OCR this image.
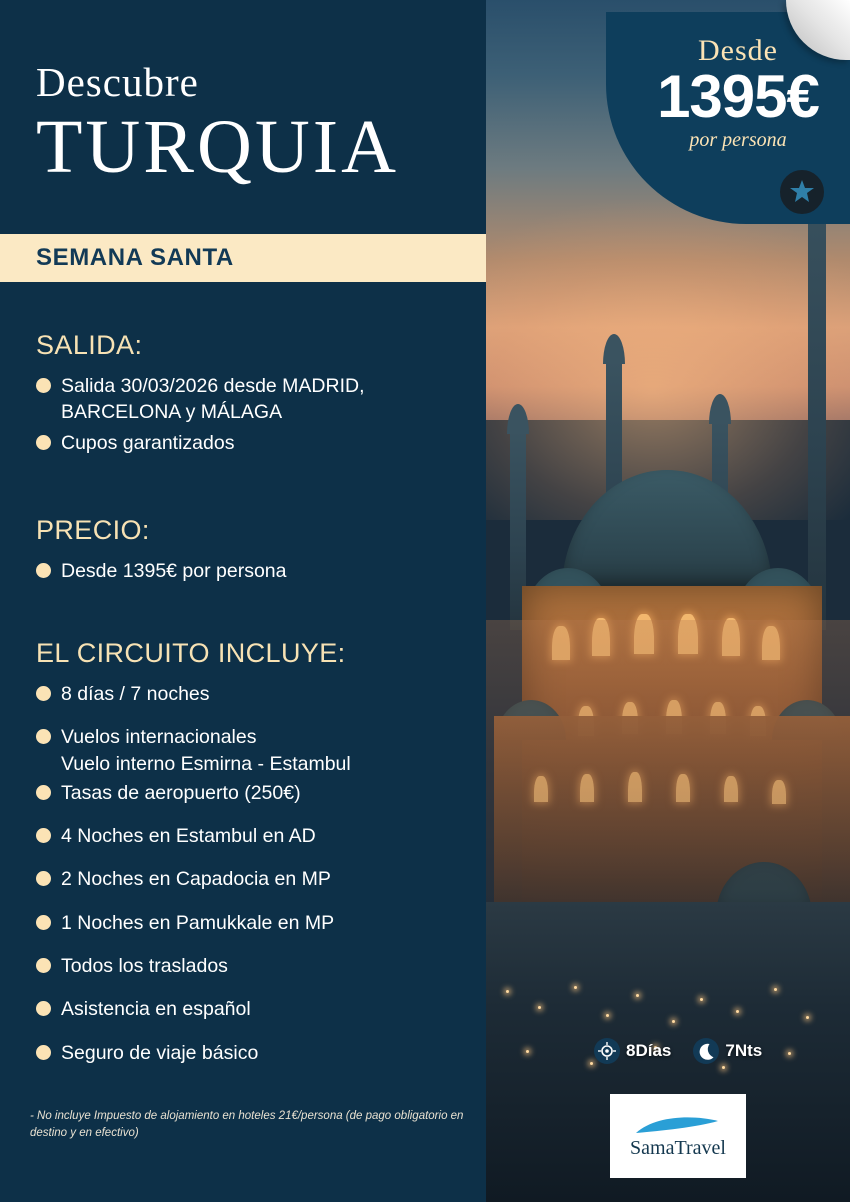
Descubre
TURQUIA
SEMANA SANTA
SALIDA:
Salida 30/03/2026 desde MADRID, BARCELONA y MÁLAGA
Cupos garantizados
PRECIO:
Desde 1395€ por persona
EL CIRCUITO INCLUYE:
8 días / 7 noches
Vuelos internacionales
Vuelo interno Esmirna - Estambul
Tasas de aeropuerto (250€)
4 Noches en Estambul en AD
2 Noches en Capadocia en MP
1 Noches en Pamukkale en MP
Todos los traslados
Asistencia en español
Seguro de viaje básico
- No incluye Impuesto de alojamiento en hoteles 21€/persona (de pago obligatorio en destino y en efectivo)
Desde
1395€
por persona
8Días	7Nts
SamaTravel
